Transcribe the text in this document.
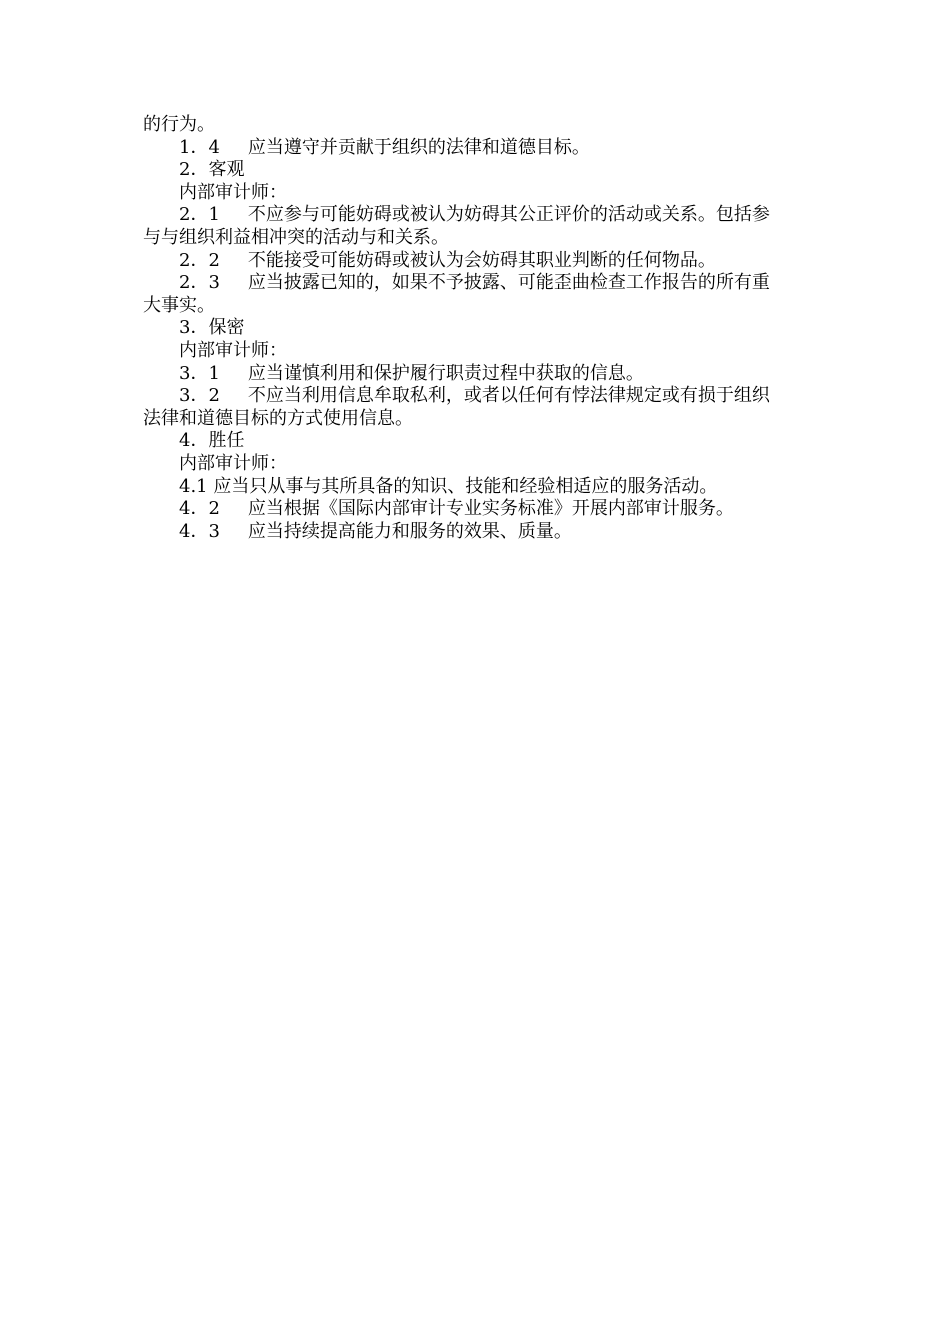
的行为。
1．4 应当遵守并贡献于组织的法律和道德目标。
2．客观
内部审计师：
2．1 不应参与可能妨碍或被认为妨碍其公正评价的活动或关系。包括参
与与组织利益相冲突的活动与和关系。
2．2 不能接受可能妨碍或被认为会妨碍其职业判断的任何物品。
2．3 应当披露已知的，如果不予披露、可能歪曲检查工作报告的所有重
大事实。
3．保密
内部审计师：
3．1 应当谨慎利用和保护履行职责过程中获取的信息。
3．2 不应当利用信息牟取私利，或者以任何有悖法律规定或有损于组织
法律和道德目标的方式使用信息。
4．胜任
内部审计师：
4.1 应当只从事与其所具备的知识、技能和经验相适应的服务活动。
4．2 应当根据《国际内部审计专业实务标准》开展内部审计服务。
4．3 应当持续提高能力和服务的效果、质量。
